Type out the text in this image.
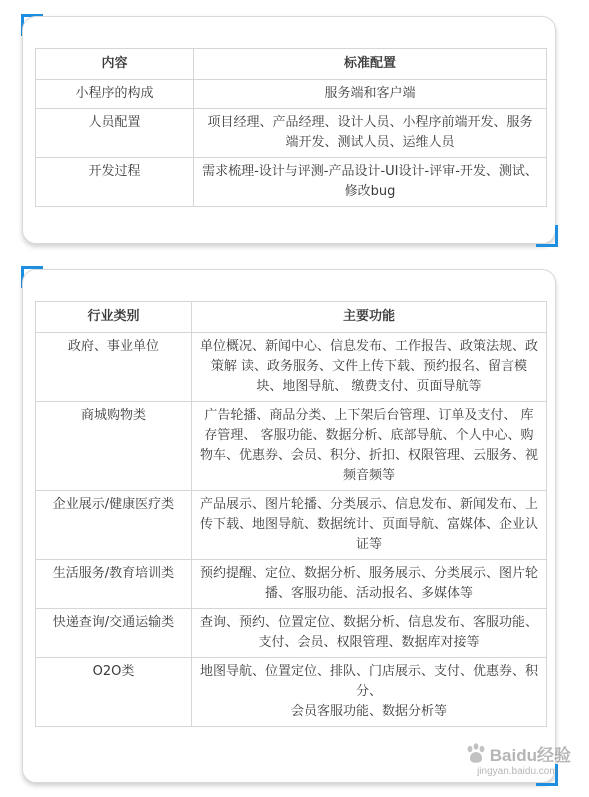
内容	标准配置
小程序的构成	服务端和客户端
人员配置	项目经理、产品经理、设计人员、小程序前端开发、服务端开发、测试人员、运维人员
开发过程	需求梳理-设计与评测-产品设计-UI设计-评审-开发、测试、修改bug
行业类别	主要功能
政府、事业单位	单位概况、新闻中心、信息发布、工作报告、政策法规、政策解 读、政务服务、文件上传下载、预约报名、留言模块、地图导航、 缴费支付、页面导航等
商城购物类	广告轮播、商品分类、上下架后台管理、订单及支付、 库存管理、 客服功能、数据分析、底部导航、个人中心、购物车、优惠券、会员、积分、折扣、权限管理、云服务、视频音频等
企业展示/健康医疗类	产品展示、图片轮播、分类展示、信息发布、新闻发布、上传下载、地图导航、数据统计、页面导航、富媒体、企业认证等
生活服务/教育培训类	预约提醒、定位、数据分析、服务展示、分类展示、图片轮播、客服功能、活动报名、多媒体等
快递查询/交通运输类	查询、预约、位置定位、数据分析、信息发布、客服功能、支付、会员、权限管理、数据库对接等
O2O类	地图导航、位置定位、排队、门店展示、支付、优惠券、积分、
会员客服功能、数据分析等
Baidu经验
jingyan.baidu.com
